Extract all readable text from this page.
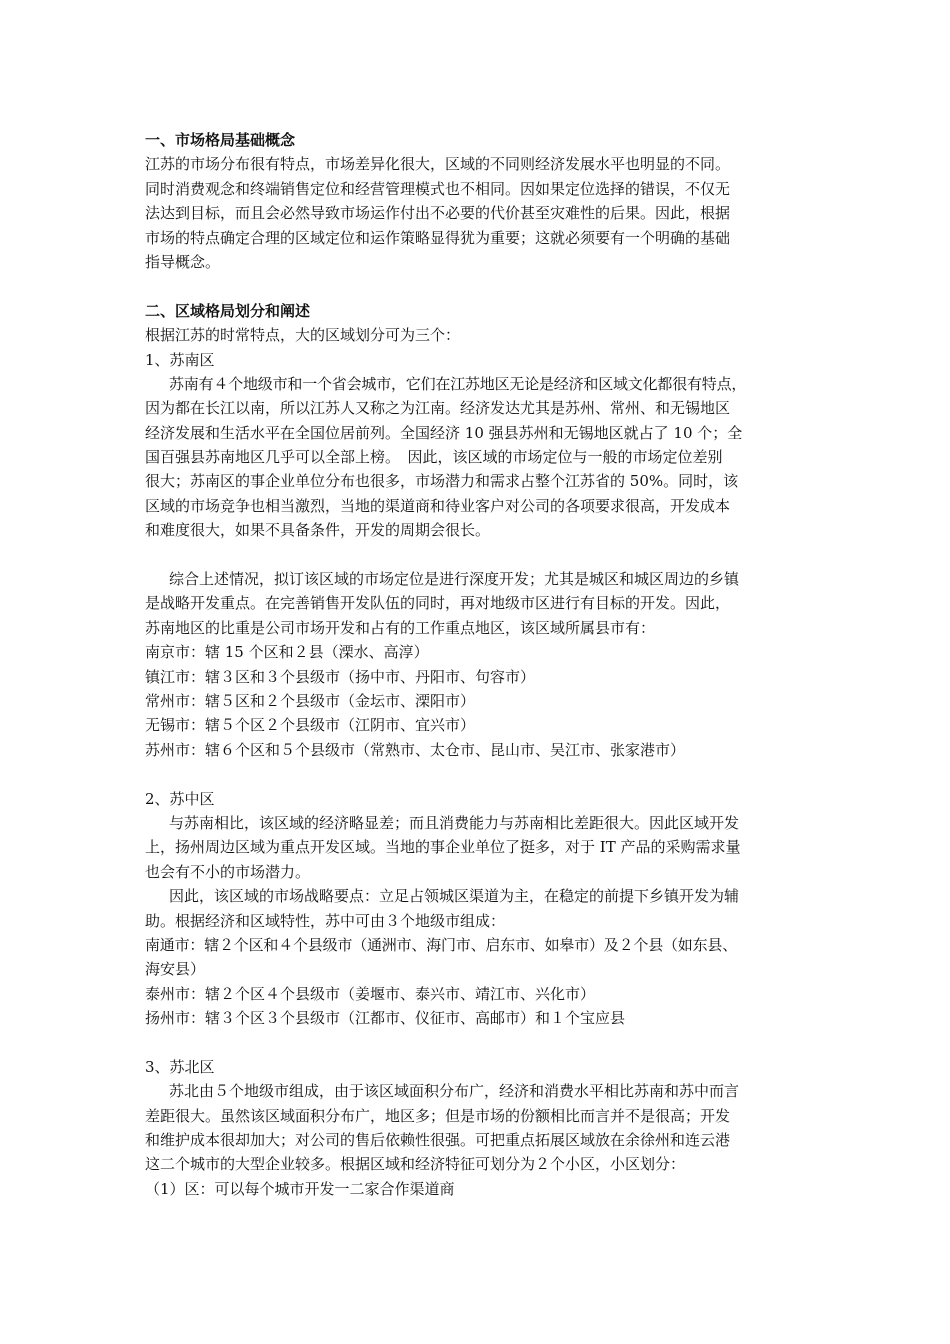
一、市场格局基础概念
江苏的市场分布很有特点，市场差异化很大，区域的不同则经济发展水平也明显的不同。
同时消费观念和终端销售定位和经营管理模式也不相同。因如果定位选择的错误，不仅无
法达到目标，而且会必然导致市场运作付出不必要的代价甚至灾难性的后果。因此，根据
市场的特点确定合理的区域定位和运作策略显得犹为重要；这就必须要有一个明确的基础
指导概念。
二、区域格局划分和阐述
根据江苏的时常特点，大的区域划分可为三个：
1、苏南区
苏南有４个地级市和一个省会城市，它们在江苏地区无论是经济和区域文化都很有特点，
因为都在长江以南，所以江苏人又称之为江南。经济发达尤其是苏州、常州、和无锡地区
经济发展和生活水平在全国位居前列。全国经济 10 强县苏州和无锡地区就占了 10 个；全
国百强县苏南地区几乎可以全部上榜。　因此，该区域的市场定位与一般的市场定位差别
很大；苏南区的事企业单位分布也很多，市场潜力和需求占整个江苏省的 50%。同时，该
区域的市场竞争也相当激烈，当地的渠道商和待业客户对公司的各项要求很高，开发成本
和难度很大，如果不具备条件，开发的周期会很长。
综合上述情况，拟订该区域的市场定位是进行深度开发；尤其是城区和城区周边的乡镇
是战略开发重点。在完善销售开发队伍的同时，再对地级市区进行有目标的开发。因此，
苏南地区的比重是公司市场开发和占有的工作重点地区，该区域所属县市有：
南京市：辖 15 个区和２县（溧水、高淳）
镇江市：辖３区和３个县级市（扬中市、丹阳市、句容市）
常州市：辖５区和２个县级市（金坛市、溧阳市）
无锡市：辖５个区２个县级市（江阴市、宜兴市）
苏州市：辖６个区和５个县级市（常熟市、太仓市、昆山市、吴江市、张家港市）
2、苏中区
与苏南相比，该区域的经济略显差；而且消费能力与苏南相比差距很大。因此区域开发
上，扬州周边区域为重点开发区域。当地的事企业单位了挺多，对于 IT 产品的采购需求量
也会有不小的市场潜力。
因此，该区域的市场战略要点：立足占领城区渠道为主，在稳定的前提下乡镇开发为辅
助。根据经济和区域特性，苏中可由３个地级市组成：
南通市：辖２个区和４个县级市（通洲市、海门市、启东市、如皋市）及２个县（如东县、
海安县）
泰州市：辖２个区４个县级市（姜堰市、泰兴市、靖江市、兴化市）
扬州市：辖３个区３个县级市（江都市、仪征市、高邮市）和１个宝应县
3、苏北区
苏北由５个地级市组成，由于该区域面积分布广，经济和消费水平相比苏南和苏中而言
差距很大。虽然该区域面积分布广，地区多；但是市场的份额相比而言并不是很高；开发
和维护成本很却加大；对公司的售后依赖性很强。可把重点拓展区域放在余徐州和连云港
这二个城市的大型企业较多。根据区域和经济特征可划分为２个小区，小区划分：
（1）区：可以每个城市开发一二家合作渠道商
